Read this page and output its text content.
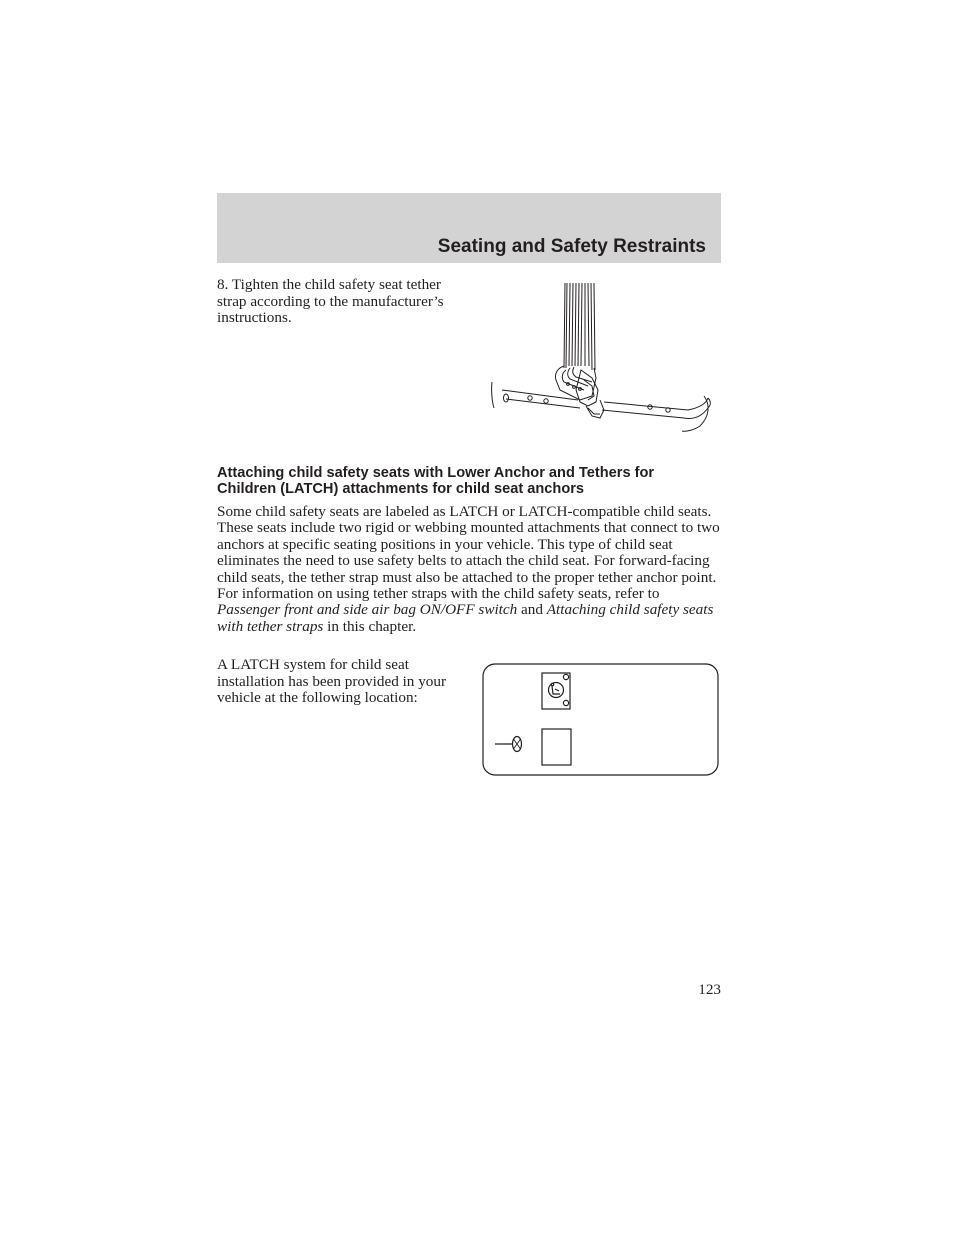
Seating and Safety Restraints
8. Tighten the child safety seat tether strap according to the manufacturer’s instructions.
Attaching child safety seats with Lower Anchor and Tethers for
Children (LATCH) attachments for child seat anchors

Some child safety seats are labeled as LATCH or LATCH-compatible child seats. These seats include two rigid or webbing mounted attachments that connect to two anchors at specific seating positions in your vehicle. This type of child seat eliminates the need to use safety belts to attach the child seat. For forward-facing child seats, the tether strap must also be attached to the proper tether anchor point. For information on using tether straps with the child safety seats, refer to Passenger front and side air bag ON/OFF switch and Attaching child safety seats with tether straps in this chapter.

A LATCH system for child seat installation has been provided in your vehicle at the following location:

123
